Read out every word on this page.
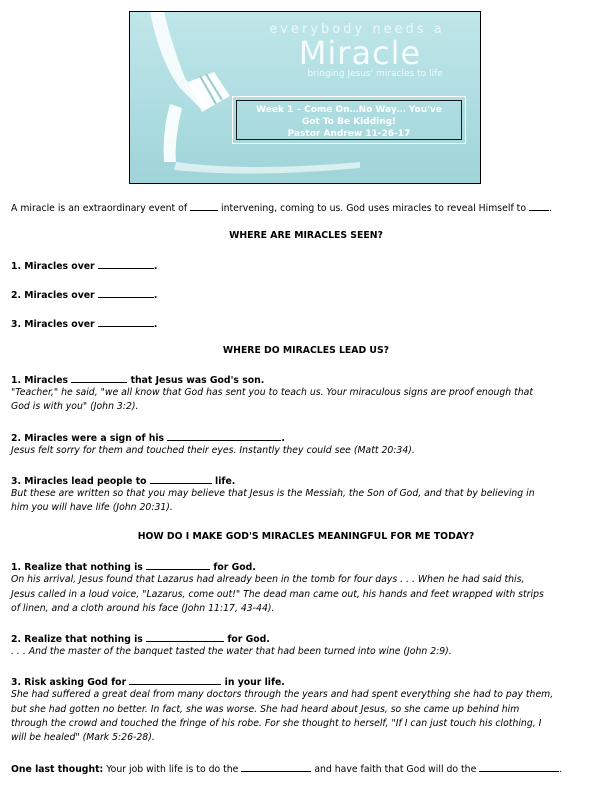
everybody needs a
Miracle
bringing Jesus' miracles to life
Week 1 – Come On…No Way… You've
Got To Be Kidding!
Pastor Andrew 11-26-17
A miracle is an extraordinary event of	intervening, coming to us. God uses miracles to reveal Himself to .
WHERE ARE MIRACLES SEEN?
1. Miracles over	.
2. Miracles over	.
3. Miracles over	.
WHERE DO MIRACLES LEAD US?
1. Miracles	that Jesus was God's son.
"Teacher," he said, "we all know that God has sent you to teach us. Your miraculous signs are proof enough that
God is with you" (John 3:2).
2. Miracles were a sign of his	.
Jesus felt sorry for them and touched their eyes. Instantly they could see (Matt 20:34).
3. Miracles lead people to	life.
But these are written so that you may believe that Jesus is the Messiah, the Son of God, and that by believing in
him you will have life (John 20:31).
HOW DO I MAKE GOD'S MIRACLES MEANINGFUL FOR ME TODAY?
1. Realize that nothing is	for God.
On his arrival, Jesus found that Lazarus had already been in the tomb for four days . . . When he had said this,
Jesus called in a loud voice, "Lazarus, come out!" The dead man came out, his hands and feet wrapped with strips
of linen, and a cloth around his face (John 11:17, 43-44).
2. Realize that nothing is	for God.
. . . And the master of the banquet tasted the water that had been turned into wine (John 2:9).
3. Risk asking God for	in your life.
She had suffered a great deal from many doctors through the years and had spent everything she had to pay them,
but she had gotten no better. In fact, she was worse. She had heard about Jesus, so she came up behind him
through the crowd and touched the fringe of his robe. For she thought to herself, "If I can just touch his clothing, I
will be healed" (Mark 5:26-28).
One last thought: Your job with life is to do the	and have faith that God will do the	.
